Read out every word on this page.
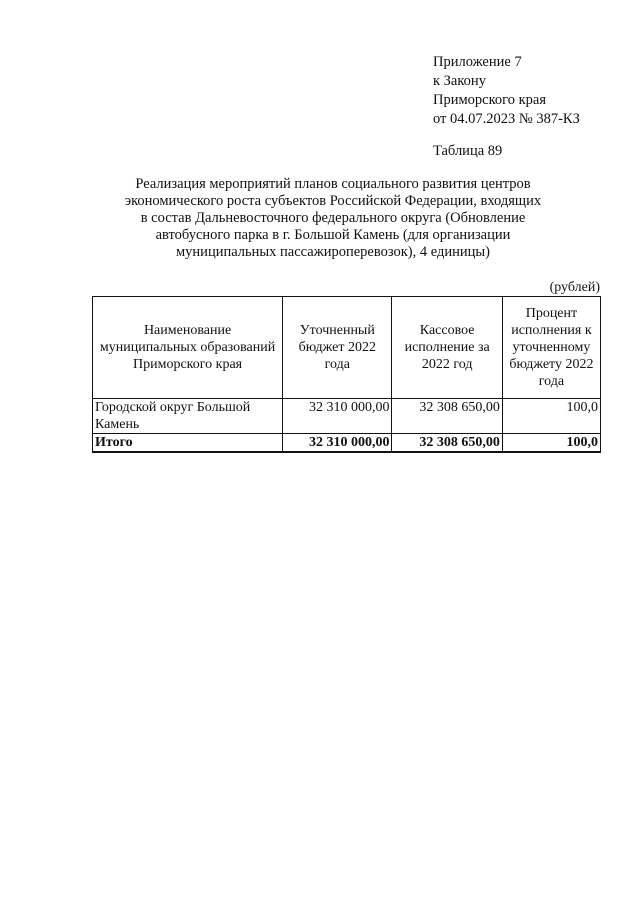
Приложение 7
к Закону
Приморского края
от 04.07.2023 № 387-КЗ
Таблица 89
Реализация мероприятий планов социального развития центров
экономического роста субъектов Российской Федерации, входящих
в состав Дальневосточного федерального округа (Обновление
автобусного парка в г. Большой Камень (для организации
муниципальных пассажироперевозок), 4 единицы)
(рублей)
Наименование муниципальных образований Приморского края	Уточненный бюджет 2022 года	Кассовое исполнение за 2022 год	Процент исполнения к уточненному бюджету 2022 года
Городской округ Большой Камень	32 310 000,00	32 308 650,00	100,0
Итого	32 310 000,00	32 308 650,00	100,0
